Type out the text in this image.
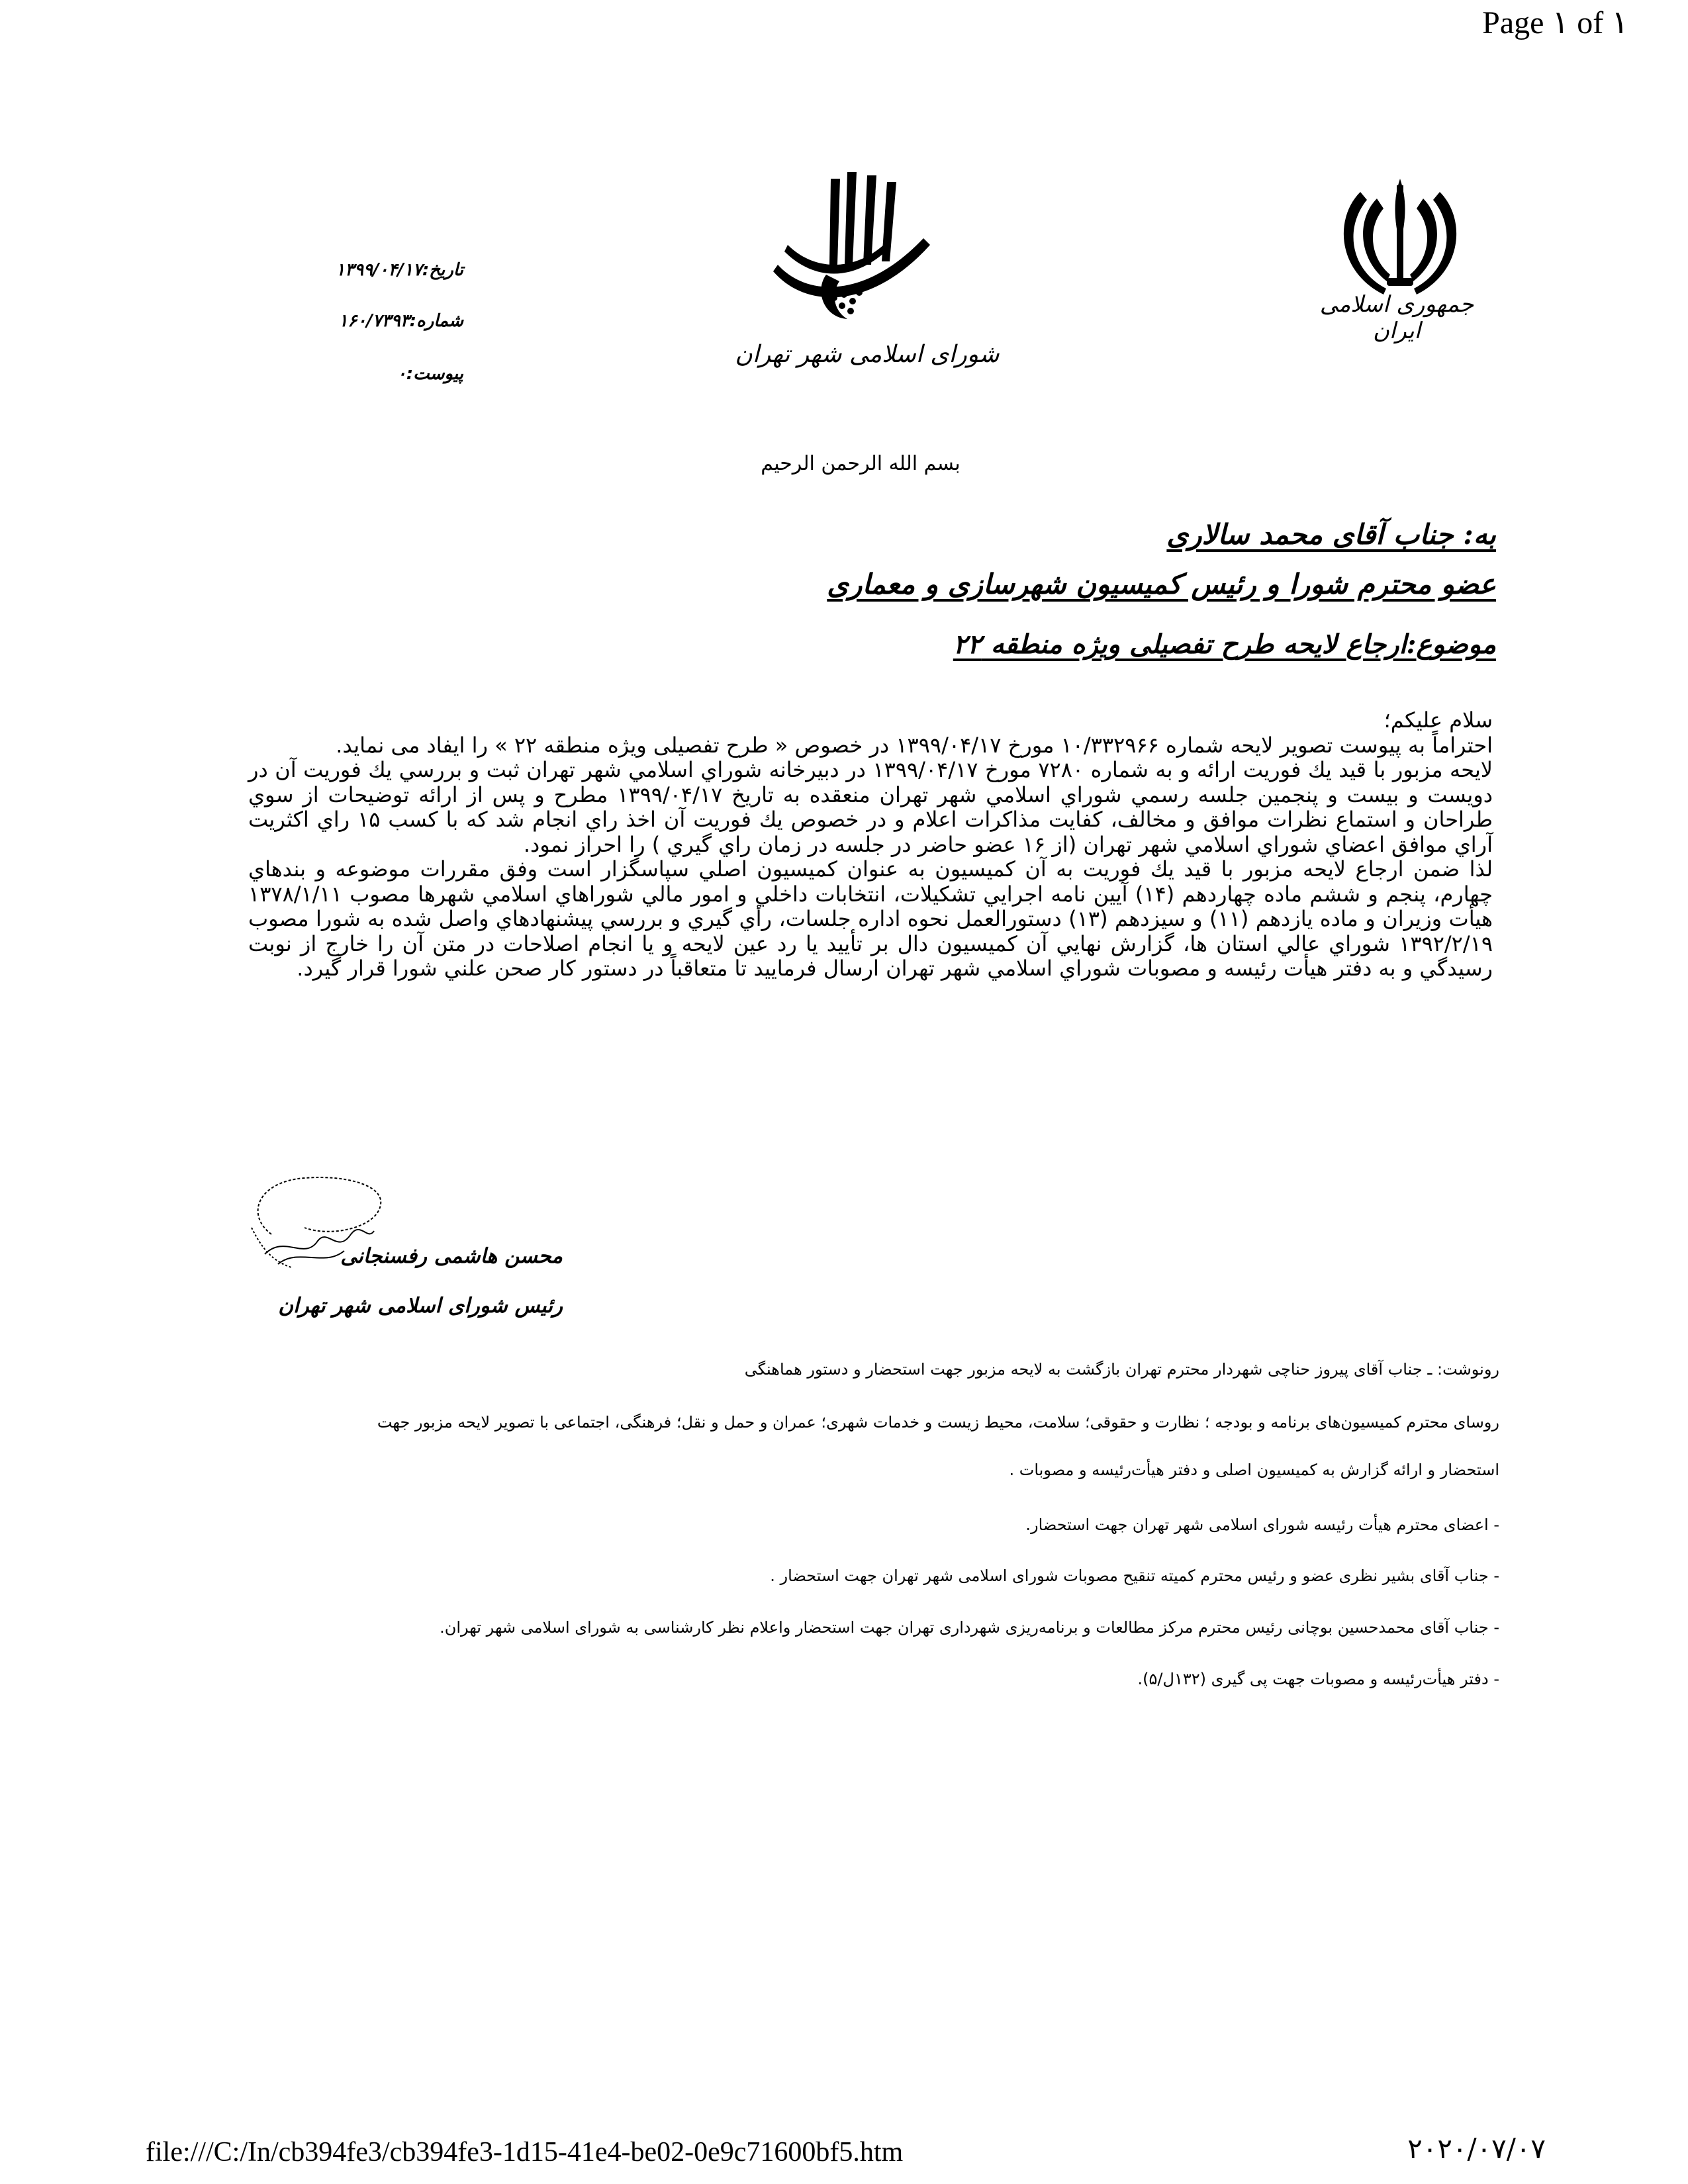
Page ۱ of ۱
جمهوری اسلامی ایران
شورای اسلامی شهر تهران
تاریخ:۱۳۹۹/۰۴/۱۷
شماره:۱۶۰/۷۳۹۳
پیوست:۰
بسم الله الرحمن الرحیم
به: جناب آقای محمد سالاری
عضو محترم شورا و رئیس کمیسیون شهرسازی و معماری
موضوع:ارجاع لایحه طرح تفصیلی ویژه منطقه ۲۲

سلام علیکم؛

احتراماً به پیوست تصویر لایحه شماره ۱۰/۳۳۲۹۶۶ مورخ ۱۳۹۹/۰۴/۱۷ در خصوص « طرح تفصیلی ویژه منطقه ۲۲ » را ایفاد می نماید.

لایحه مزبور با قید یك فوریت ارائه و به شماره ۷۲۸۰ مورخ ۱۳۹۹/۰۴/۱۷ در دبیرخانه شوراي اسلامي شهر تهران ثبت و بررسي یك فوریت آن در دویست و بیست و پنجمین جلسه رسمي شوراي اسلامي شهر تهران منعقده به تاریخ ۱۳۹۹/۰۴/۱۷ مطرح و پس از ارائه توضیحات از سوي طراحان و استماع نظرات موافق و مخالف، كفایت مذاكرات اعلام و در خصوص یك فوریت آن اخذ راي انجام شد كه با كسب ۱۵ راي اكثریت آراي موافق اعضاي شوراي اسلامي شهر تهران (از ۱۶ عضو حاضر در جلسه در زمان راي گیري ) را احراز نمود.

لذا ضمن ارجاع لایحه مزبور با قید یك فوریت به آن كمیسیون به عنوان كمیسیون اصلي سپاسگزار است وفق مقررات موضوعه و بندهاي چهارم، پنجم و ششم ماده چهاردهم (۱۴) آیین نامه اجرایي تشكیلات، انتخابات داخلي و امور مالي شوراهاي اسلامي شهرها مصوب ۱۳۷۸/۱/۱۱ هیأت وزیران و ماده یازدهم (۱۱) و سیزدهم (۱۳) دستورالعمل نحوه اداره جلسات، رأي گیري و بررسي پیشنهادهاي واصل شده به شورا مصوب ۱۳۹۲/۲/۱۹ شوراي عالي استان ها، گزارش نهایي آن كمیسیون دال بر تأیید یا رد عین لایحه و یا انجام اصلاحات در متن آن را خارج از نوبت رسیدگي و به دفتر هیأت رئیسه و مصوبات شوراي اسلامي شهر تهران ارسال فرمایید تا متعاقباً در دستور كار صحن علني شورا قرار گیرد.

محسن هاشمی رفسنجانی
رئیس شورای اسلامی شهر تهران
رونوشت: ـ جناب آقای پیروز حناچی شهردار محترم تهران بازگشت به لایحه مزبور جهت استحضار و دستور هماهنگی
روسای محترم کمیسیون‌های برنامه و بودجه ؛ نظارت و حقوقی؛ سلامت، محیط زیست و خدمات شهری؛ عمران و حمل و نقل؛ فرهنگی، اجتماعی با تصویر لایحه مزبور جهت
استحضار و ارائه گزارش به کمیسیون اصلی و دفتر هیأت‌رئیسه و مصوبات .
- اعضای محترم هیأت رئیسه شورای اسلامی شهر تهران جهت استحضار.
- جناب آقای بشیر نظری عضو و رئیس محترم کمیته تنقیح مصوبات شورای اسلامی شهر تهران جهت استحضار .
- جناب آقای محمدحسین بوچانی رئیس محترم مرکز مطالعات و برنامه‌ریزی شهرداری تهران جهت استحضار واعلام نظر کارشناسی به شورای اسلامی شهر تهران.
- دفتر هیأت‌رئیسه و مصوبات جهت پی گیری (۱۳۲ل/۵).
file:///C:/In/cb394fe3/cb394fe3-1d15-41e4-be02-0e9c71600bf5.htm	۲۰۲۰/۰۷/۰۷
